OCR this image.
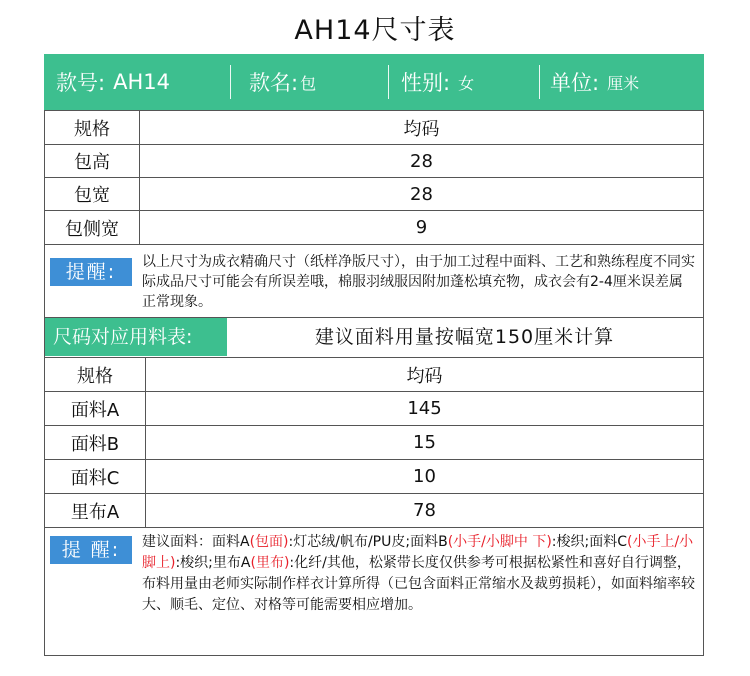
AH14尺寸表
款号: AH14	款名: 包	性别: 女	单位: 厘米
规格	均码
包高	28
包宽	28
包侧宽	9
提醒:	以上尺寸为成衣精确尺寸（纸样净版尺寸），由于加工过程中面料、工艺和熟练程度不同实际成品尺寸可能会有所误差哦，棉服羽绒服因附加蓬松填充物，成衣会有2-4厘米误差属正常现象。
尺码对应用料表:	建议面料用量按幅宽150厘米计算
规格	均码
面料A	145
面料B	15
面料C	10
里布A	78
提 醒:	建议面料：面料A(包面):灯芯绒/帆布/PU皮;面料B(小手/小脚中 下):梭织;面料C(小手上/小脚上):梭织;里布A(里布):化纤/其他，松紧带长度仅供参考可根据松紧性和喜好自行调整，布料用量由老师实际制作样衣计算所得（已包含面料正常缩水及裁剪损耗），如面料缩率较大、顺毛、定位、对格等可能需要相应增加。
